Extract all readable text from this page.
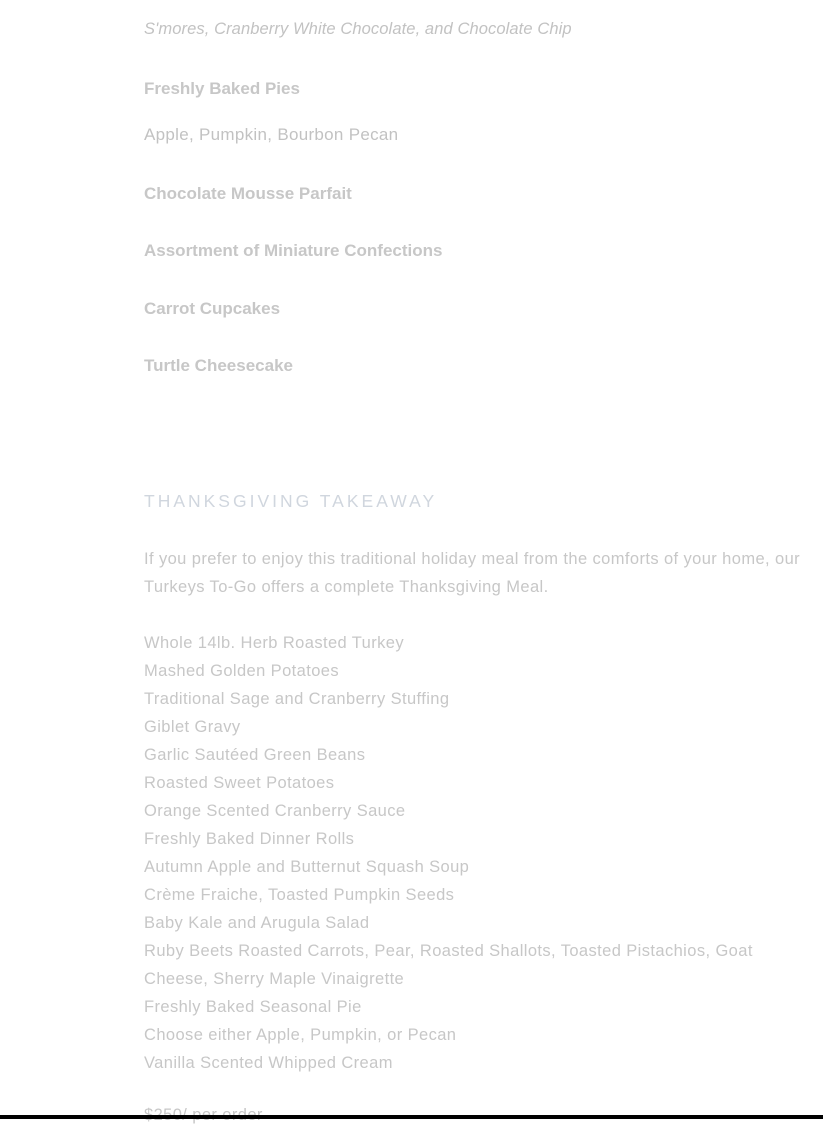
S'mores, Cranberry White Chocolate, and Chocolate Chip
Freshly Baked Pies
Apple, Pumpkin, Bourbon Pecan
Chocolate Mousse Parfait
Assortment of Miniature Confections
Carrot Cupcakes
Turtle Cheesecake
THANKSGIVING TAKEAWAY
If you prefer to enjoy this traditional holiday meal from the comforts of your home, our Turkeys To-Go offers a complete Thanksgiving Meal.
Whole 14lb. Herb Roasted Turkey
Mashed Golden Potatoes
Traditional Sage and Cranberry Stuffing
Giblet Gravy
Garlic Sautéed Green Beans
Roasted Sweet Potatoes
Orange Scented Cranberry Sauce
Freshly Baked Dinner Rolls
Autumn Apple and Butternut Squash Soup
Crème Fraiche, Toasted Pumpkin Seeds
Baby Kale and Arugula Salad
Ruby Beets Roasted Carrots, Pear, Roasted Shallots, Toasted Pistachios, Goat Cheese, Sherry Maple Vinaigrette
Freshly Baked Seasonal Pie
Choose either Apple, Pumpkin, or Pecan
Vanilla Scented Whipped Cream
